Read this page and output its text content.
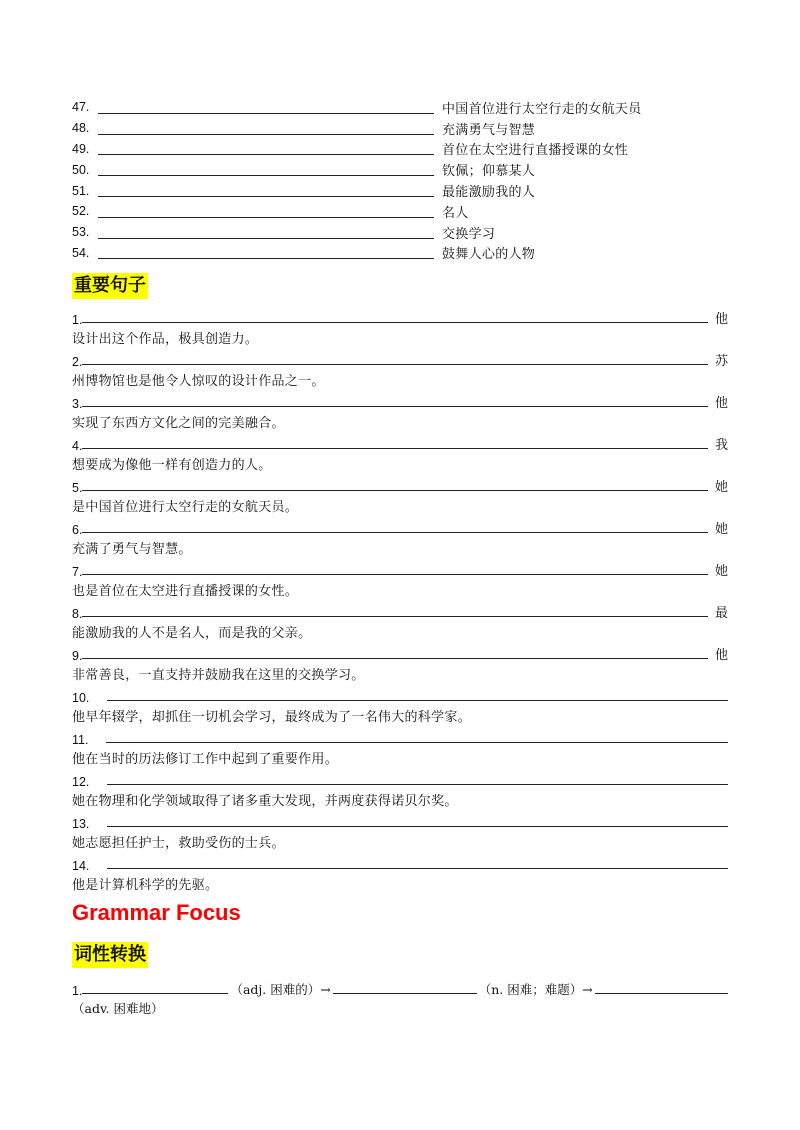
47.	中国首位进行太空行走的女航天员
48.	充满勇气与智慧
49.	首位在太空进行直播授课的女性
50.	钦佩；仰慕某人
51.	最能激励我的人
52.	名人
53.	交换学习
54.	鼓舞人心的人物
重要句子
1.	他
设计出这个作品，极具创造力。
2.	苏
州博物馆也是他令人惊叹的设计作品之一。
3.	他
实现了东西方文化之间的完美融合。
4.	我
想要成为像他一样有创造力的人。
5.	她
是中国首位进行太空行走的女航天员。
6.	她
充满了勇气与智慧。
7.	她
也是首位在太空进行直播授课的女性。
8.	最
能激励我的人不是名人，而是我的父亲。
9.	他
非常善良，一直支持并鼓励我在这里的交换学习。
10.
他早年辍学，却抓住一切机会学习，最终成为了一名伟大的科学家。
11.
他在当时的历法修订工作中起到了重要作用。
12.
她在物理和化学领域取得了诸多重大发现，并两度获得诺贝尔奖。
13.
她志愿担任护士，救助受伤的士兵。
14.
他是计算机科学的先驱。
Grammar Focus
词性转换
1.	（adj. 困难的）→	（n. 困难；难题）→
（adv. 困难地）
